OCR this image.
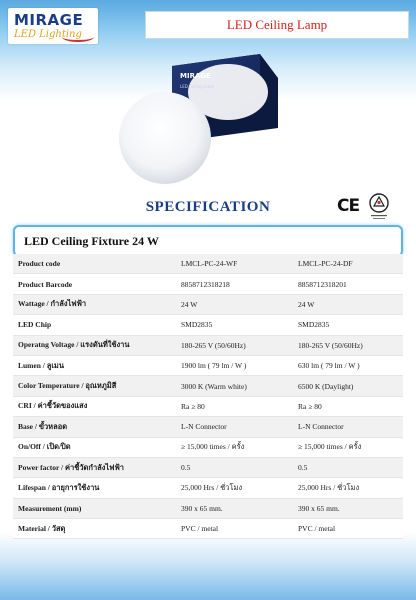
MIRAGE
LED Lighting
LED Ceiling Lamp
MIRAGE
LED Ceiling lamp
SPECIFICATION	CE
LED Ceiling Fixture 24 W
Product code	LMCL-PC-24-WF	LMCL-PC-24-DF
Product Barcode	8858712318218	8858712318201
Wattage / กำลังไฟฟ้า	24 W	24 W
LED Chip	SMD2835	SMD2835
Operatng Voltage / แรงดันที่ใช้งาน	180-265 V (50/60Hz)	180-265 V (50/60Hz)
Lumen / ลูเมน	1900 lm ( 79 lm / W )	630 lm ( 79 lm / W )
Color Temperature / อุณหภูมิสี	3000 K (Warm white)	6500 K (Daylight)
CRI / ค่าชี้วัดของแสง	Ra ≥ 80	Ra ≥ 80
Base / ขั้วหลอด	L-N Connector	L-N Connector
On/Off / เปิด/ปิด	≥ 15,000 times / ครั้ง	≥ 15,000 times / ครั้ง
Power factor / ค่าชี้วัดกำลังไฟฟ้า	0.5	0.5
Lifespan / อายุการใช้งาน	25,000 Hrs / ชั่วโมง	25,000 Hrs / ชั่วโมง
Measurement (mm)	390 x 65 mm.	390 x 65 mm.
Material / วัสดุ	PVC / metal	PVC / metal
